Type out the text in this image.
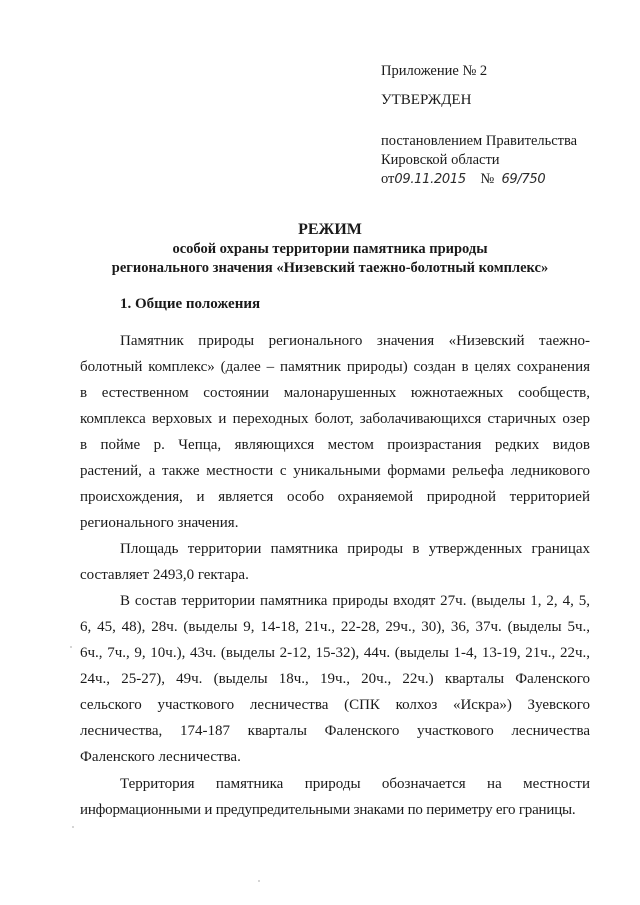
Приложение № 2
УТВЕРЖДЕН
постановлением Правительства
Кировской области
от09.11.2015 № 69/750
РЕЖИМ
особой охраны территории памятника природы
регионального значения «Низевский таежно-болотный комплекс»
1. Общие положения
Памятник природы регионального значения «Низевский таежно-
болотный комплекс» (далее – памятник природы) создан в целях сохранения
в естественном состоянии малонарушенных южнотаежных сообществ,
комплекса верховых и переходных болот, заболачивающихся старичных озер
в пойме р. Чепца, являющихся местом произрастания редких видов
растений, а также местности с уникальными формами рельефа ледникового
происхождения, и является особо охраняемой природной территорией
регионального значения.
Площадь территории памятника природы в утвержденных границах
составляет 2493,0 гектара.
В состав территории памятника природы входят 27ч. (выделы 1, 2, 4, 5,
6, 45, 48), 28ч. (выделы 9, 14-18, 21ч., 22-28, 29ч., 30), 36, 37ч. (выделы 5ч.,
6ч., 7ч., 9, 10ч.), 43ч. (выделы 2-12, 15-32), 44ч. (выделы 1-4, 13-19, 21ч., 22ч.,
24ч., 25-27), 49ч. (выделы 18ч., 19ч., 20ч., 22ч.) кварталы Фаленского
сельского участкового лесничества (СПК колхоз «Искра») Зуевского
лесничества, 174-187 кварталы Фаленского участкового лесничества
Фаленского лесничества.
Территория памятника природы обозначается на местности
информационными и предупредительными знаками по периметру его границы.
